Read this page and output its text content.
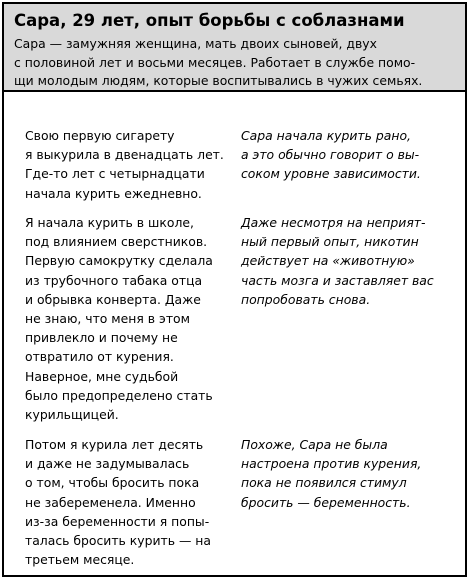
Сара, 29 лет, опыт борьбы с соблазнами
Сара — замужняя женщина, мать двоих сыновей, двух
с половиной лет и восьми месяцев. Работает в службе помо-
щи молодым людям, которые воспитывались в чужих семьях.
Свою первую сигарету
я выкурила в двенадцать лет.
Где-то лет с четырнадцати
начала курить ежедневно.
Сара начала курить рано,
а это обычно говорит о вы-
соком уровне зависимости.
Я начала курить в школе,
под влиянием сверстников.
Первую самокрутку сделала
из трубочного табака отца
и обрывка конверта. Даже
не знаю, что меня в этом
привлекло и почему не
отвратило от курения.
Наверное, мне судьбой
было предопределено стать
курильщицей.
Даже несмотря на неприят-
ный первый опыт, никотин
действует на «животную»
часть мозга и заставляет вас
попробовать снова.
Потом я курила лет десять
и даже не задумывалась
о том, чтобы бросить пока
не забеременела. Именно
из-за беременности я попы-
талась бросить курить — на
третьем месяце.
Похоже, Сара не была
настроена против курения,
пока не появился стимул
бросить — беременность.
